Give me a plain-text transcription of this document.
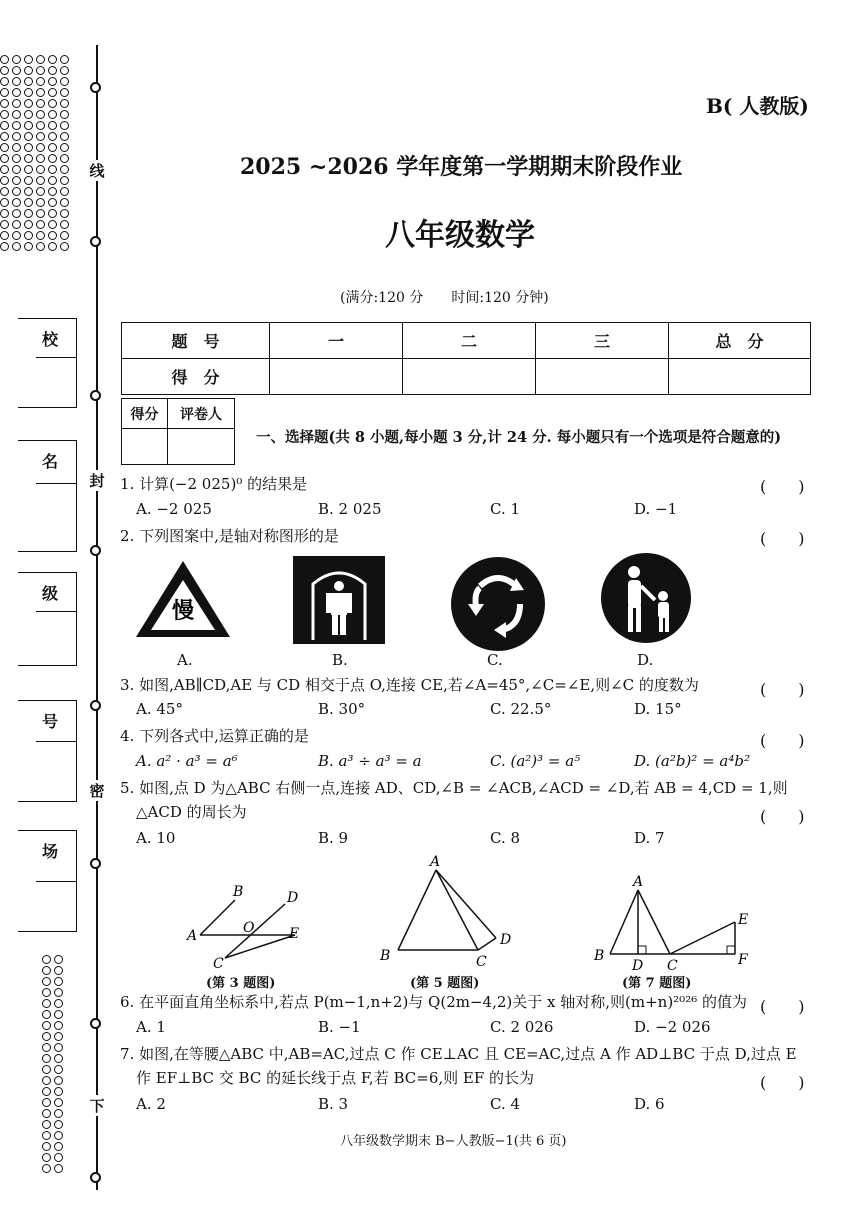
线
封
密
下
校
名
级
号
场
B( 人教版)
2025 ~2026 学年度第一学期期末阶段作业
八年级数学
(满分:120 分　　时间:120 分钟)
题　号	一	二	三	总　分
得　分				
得分	评卷人

一、选择题(共 8 小题,每小题 3 分,计 24 分. 每小题只有一个选项是符合题意的)
1. 计算(−2 025)⁰ 的结果是	(　　)
A. −2 025	B. 2 025	C. 1	D. −1
2. 下列图案中,是轴对称图形的是	(　　)
慢
A.	B.	C.	D.
3. 如图,AB∥CD,AE 与 CD 相交于点 O,连接 CE,若∠A=45°,∠C=∠E,则∠C 的度数为	(　　)
A. 45°	B. 30°	C. 22.5°	D. 15°
4. 下列各式中,运算正确的是	(　　)
A. a² · a³ = a⁶	B. a³ ÷ a³ = a	C. (a²)³ = a⁵	D. (a²b)² = a⁴b²
5. 如图,点 D 为△ABC 右侧一点,连接 AD、CD,∠B = ∠ACB,∠ACD = ∠D,若 AB = 4,CD = 1,则
△ACD 的周长为	(　　)
A. 10	B. 9	C. 8	D. 7
A
B
C
D
E
O
(第 3 题图)
A
B	C
D
(第 5 题图)
A
B
C
D
E
F
(第 7 题图)
6. 在平面直角坐标系中,若点 P(m−1,n+2)与 Q(2m−4,2)关于 x 轴对称,则(m+n)²⁰²⁶ 的值为 (　　)
A. 1	B. −1	C. 2 026	D. −2 026
7. 如图,在等腰△ABC 中,AB=AC,过点 C 作 CE⊥AC 且 CE=AC,过点 A 作 AD⊥BC 于点 D,过点 E
作 EF⊥BC 交 BC 的延长线于点 F,若 BC=6,则 EF 的长为	(　　)
A. 2	B. 3	C. 4	D. 6
八年级数学期末 B−人教版−1(共 6 页)
